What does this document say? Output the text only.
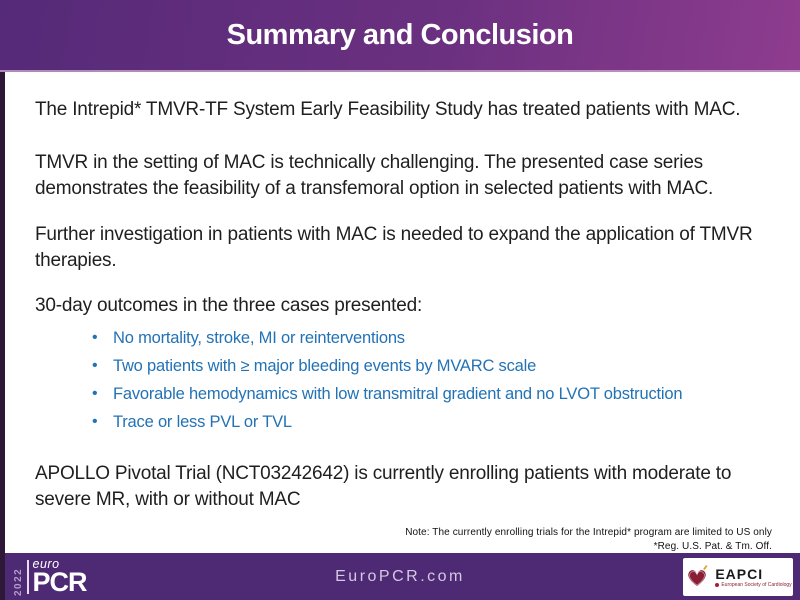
Summary and Conclusion

The Intrepid* TMVR-TF System Early Feasibility Study has treated patients with MAC.

TMVR in the setting of MAC is technically challenging. The presented case series demonstrates the feasibility of a transfemoral option in selected patients with MAC.

Further investigation in patients with MAC is needed to expand the application of TMVR therapies.

30-day outcomes in the three cases presented:

• No mortality, stroke, MI or reinterventions
• Two patients with ≥ major bleeding events by MVARC scale
• Favorable hemodynamics with low transmitral gradient and no LVOT obstruction
• Trace or less PVL or TVL

APOLLO Pivotal Trial (NCT03242642) is currently enrolling patients with moderate to severe MR, with or without MAC

Note: The currently enrolling trials for the Intrepid* program are limited to US only
*Reg. U.S. Pat. & Tm. Off.
2022
euro
PCR	EuroPCR.com	EAPCI
European Society of Cardiology
